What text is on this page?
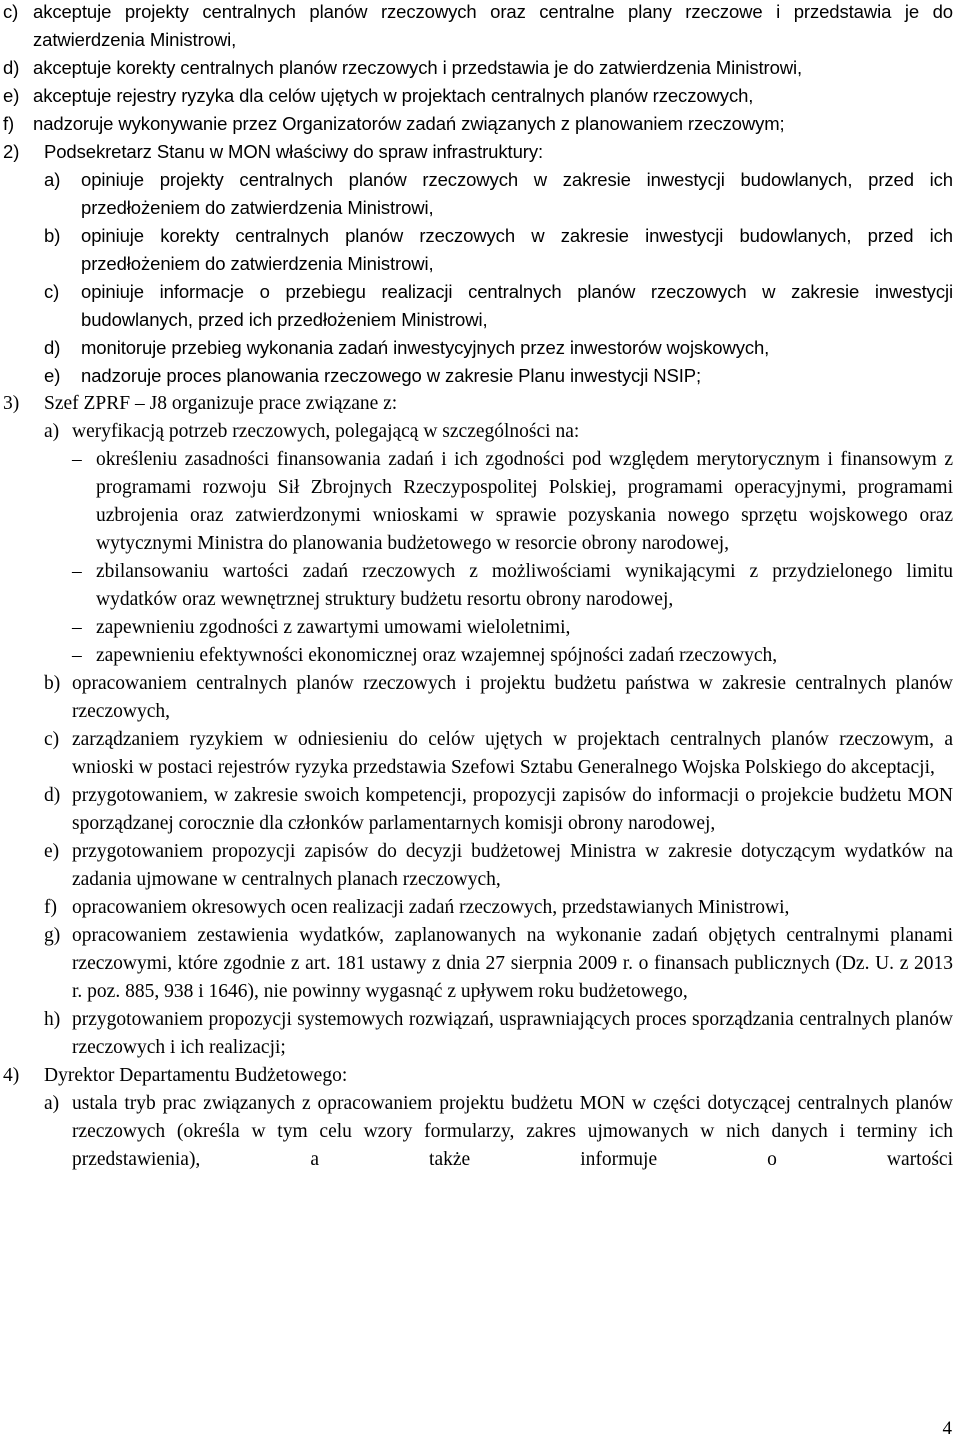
c) akceptuje projekty centralnych planów rzeczowych oraz centralne plany rzeczowe i przedstawia je do zatwierdzenia Ministrowi,
d) akceptuje korekty centralnych planów rzeczowych i przedstawia je do zatwierdzenia Ministrowi,
e) akceptuje rejestry ryzyka dla celów ujętych w projektach centralnych planów rzeczowych,
f)	nadzoruje wykonywanie przez Organizatorów zadań związanych z planowaniem rzeczowym;
2)	Podsekretarz Stanu w MON właściwy do spraw infrastruktury:
a)	opiniuje projekty centralnych planów rzeczowych w zakresie inwestycji budowlanych, przed ich przedłożeniem do zatwierdzenia Ministrowi,
b)	opiniuje korekty centralnych planów rzeczowych w zakresie inwestycji budowlanych, przed ich przedłożeniem do zatwierdzenia Ministrowi,
c)	opiniuje informacje o przebiegu realizacji centralnych planów rzeczowych w zakresie inwestycji budowlanych, przed ich przedłożeniem Ministrowi,
d)	monitoruje przebieg wykonania zadań inwestycyjnych przez inwestorów wojskowych,
e)	nadzoruje proces planowania rzeczowego w zakresie Planu inwestycji NSIP;
3)	Szef ZPRF – J8 organizuje prace związane z:
a) weryfikacją potrzeb rzeczowych, polegającą w szczególności na:
– określeniu zasadności finansowania zadań i ich zgodności pod względem merytorycznym i finansowym z programami rozwoju Sił Zbrojnych Rzeczypospolitej Polskiej, programami operacyjnymi, programami uzbrojenia oraz zatwierdzonymi wnioskami w sprawie pozyskania nowego sprzętu wojskowego oraz wytycznymi Ministra do planowania budżetowego w resorcie obrony narodowej,
– zbilansowaniu wartości zadań rzeczowych z możliwościami wynikającymi z przydzielonego limitu wydatków oraz wewnętrznej struktury budżetu resortu obrony narodowej,
– zapewnieniu zgodności z zawartymi umowami wieloletnimi,
– zapewnieniu efektywności ekonomicznej oraz wzajemnej spójności zadań rzeczowych,
b) opracowaniem centralnych planów rzeczowych i projektu budżetu państwa w zakresie centralnych planów rzeczowych,
c) zarządzaniem ryzykiem w odniesieniu do celów ujętych w projektach centralnych planów rzeczowym, a wnioski w postaci rejestrów ryzyka przedstawia Szefowi Sztabu Generalnego Wojska Polskiego do akceptacji,
d) przygotowaniem, w zakresie swoich kompetencji, propozycji zapisów do informacji o projekcie budżetu MON sporządzanej corocznie dla członków parlamentarnych komisji obrony narodowej,
e) przygotowaniem propozycji zapisów do decyzji budżetowej Ministra w zakresie dotyczącym wydatków na zadania ujmowane w centralnych planach rzeczowych,
f) opracowaniem okresowych ocen realizacji zadań rzeczowych, przedstawianych Ministrowi,
g) opracowaniem zestawienia wydatków, zaplanowanych na wykonanie zadań objętych centralnymi planami rzeczowymi, które zgodnie z art. 181 ustawy z dnia 27 sierpnia 2009 r. o finansach publicznych (Dz. U. z 2013 r. poz. 885, 938 i 1646), nie powinny wygasnąć z upływem roku budżetowego,
h) przygotowaniem propozycji systemowych rozwiązań, usprawniających proces sporządzania centralnych planów rzeczowych i ich realizacji;
4)	Dyrektor Departamentu Budżetowego:
a) ustala tryb prac związanych z opracowaniem projektu budżetu MON w części dotyczącej centralnych planów rzeczowych (określa w tym celu wzory formularzy, zakres ujmowanych w nich danych i terminy ich przedstawienia), a także informuje o wartości
4
